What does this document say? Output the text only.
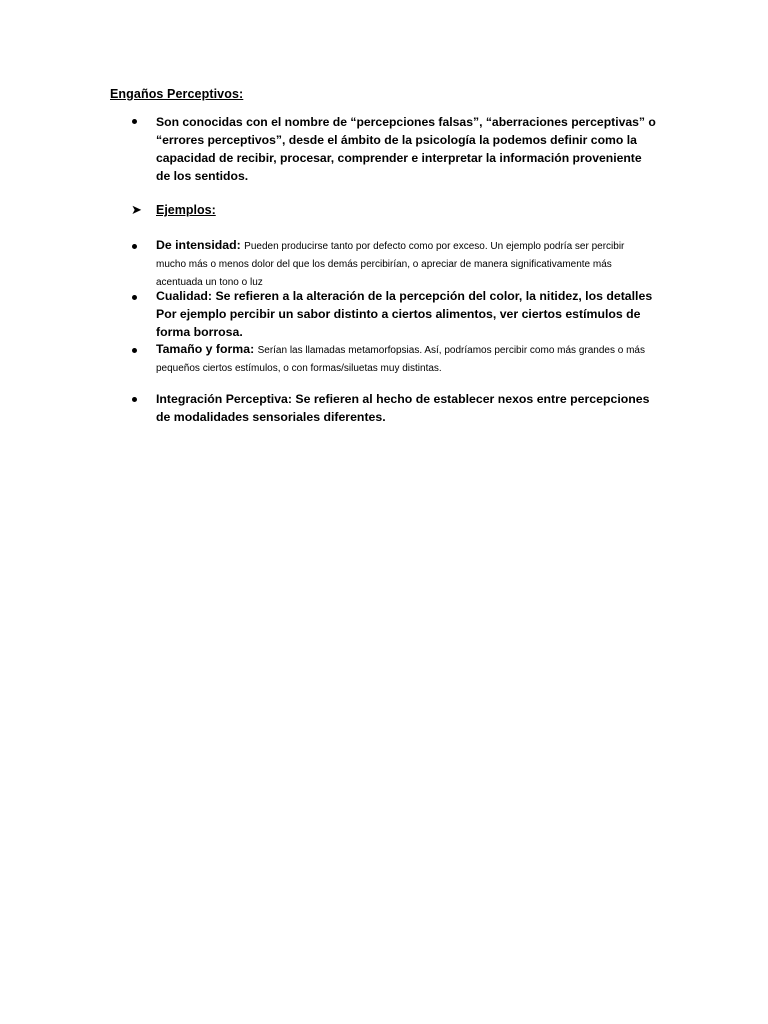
Engaños Perceptivos:
Son conocidas con el nombre de “percepciones falsas”, “aberraciones perceptivas” o “errores perceptivos”, desde el ámbito de la psicología la podemos definir como la capacidad de recibir, procesar, comprender e interpretar la información proveniente de los sentidos.
➤ Ejemplos:
De intensidad: Pueden producirse tanto por defecto como por exceso. Un ejemplo podría ser percibir mucho más o menos dolor del que los demás percibirían, o apreciar de manera significativamente más acentuada un tono o luz
Cualidad: Se refieren a la alteración de la percepción del color, la nitidez, los detalles Por ejemplo percibir un sabor distinto a ciertos alimentos, ver ciertos estímulos de forma borrosa.
Tamaño y forma: Serían las llamadas metamorfopsias. Así, podríamos percibir como más grandes o más pequeños ciertos estímulos, o con formas/siluetas muy distintas.
Integración Perceptiva: Se refieren al hecho de establecer nexos entre percepciones de modalidades sensoriales diferentes.
